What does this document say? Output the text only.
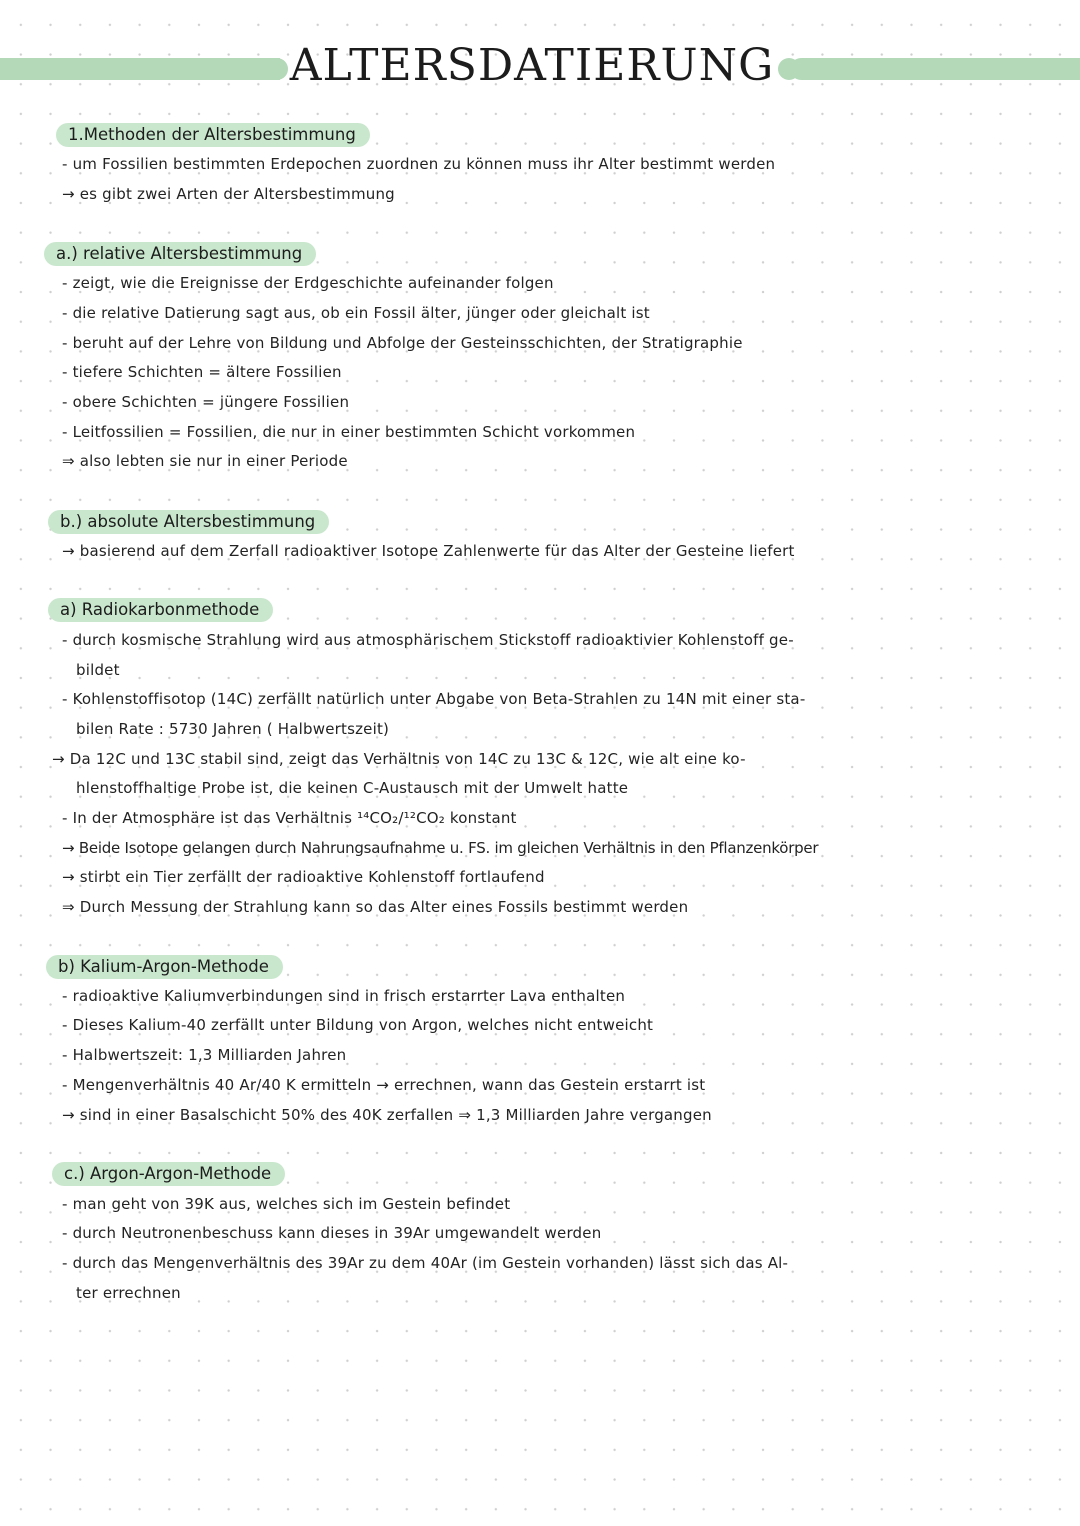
ALTERSDATIERUNG
1.Methoden der Altersbestimmung
- um Fossilien bestimmten Erdepochen zuordnen zu können muss ihr Alter bestimmt werden
→ es gibt zwei Arten der Altersbestimmung
a.) relative Altersbestimmung
- zeigt, wie die Ereignisse der Erdgeschichte aufeinander folgen
- die relative Datierung sagt aus, ob ein Fossil älter, jünger oder gleichalt ist
- beruht auf der Lehre von Bildung und Abfolge der Gesteinsschichten, der Stratigraphie
- tiefere Schichten = ältere Fossilien
- obere Schichten = jüngere Fossilien
- Leitfossilien = Fossilien, die nur in einer bestimmten Schicht vorkommen
⇒ also lebten sie nur in einer Periode
b.) absolute Altersbestimmung
→ basierend auf dem Zerfall radioaktiver Isotope Zahlenwerte für das Alter der Gesteine liefert
a) Radiokarbonmethode
- durch kosmische Strahlung wird aus atmosphärischem Stickstoff radioaktivier Kohlenstoff ge-
bildet
- Kohlenstoffisotop (14C) zerfällt natürlich unter Abgabe von Beta-Strahlen zu 14N mit einer sta-
bilen Rate : 5730 Jahren ( Halbwertszeit)
→ Da 12C und 13C stabil sind, zeigt das Verhältnis von 14C zu 13C & 12C, wie alt eine ko-
hlenstoffhaltige Probe ist, die keinen C-Austausch mit der Umwelt hatte
- In der Atmosphäre ist das Verhältnis ¹⁴CO₂/¹²CO₂ konstant
→ Beide Isotope gelangen durch Nahrungsaufnahme u. FS. im gleichen Verhältnis in den Pflanzenkörper
→ stirbt ein Tier zerfällt der radioaktive Kohlenstoff fortlaufend
⇒ Durch Messung der Strahlung kann so das Alter eines Fossils bestimmt werden
b) Kalium-Argon-Methode
- radioaktive Kaliumverbindungen sind in frisch erstarrter Lava enthalten
- Dieses Kalium-40 zerfällt unter Bildung von Argon, welches nicht entweicht
- Halbwertszeit: 1,3 Milliarden Jahren
- Mengenverhältnis 40 Ar/40 K ermitteln → errechnen, wann das Gestein erstarrt ist
→ sind in einer Basalschicht 50% des 40K zerfallen ⇒ 1,3 Milliarden Jahre vergangen
c.) Argon-Argon-Methode
- man geht von 39K aus, welches sich im Gestein befindet
- durch Neutronenbeschuss kann dieses in 39Ar umgewandelt werden
- durch das Mengenverhältnis des 39Ar zu dem 40Ar (im Gestein vorhanden) lässt sich das Al-
ter errechnen
